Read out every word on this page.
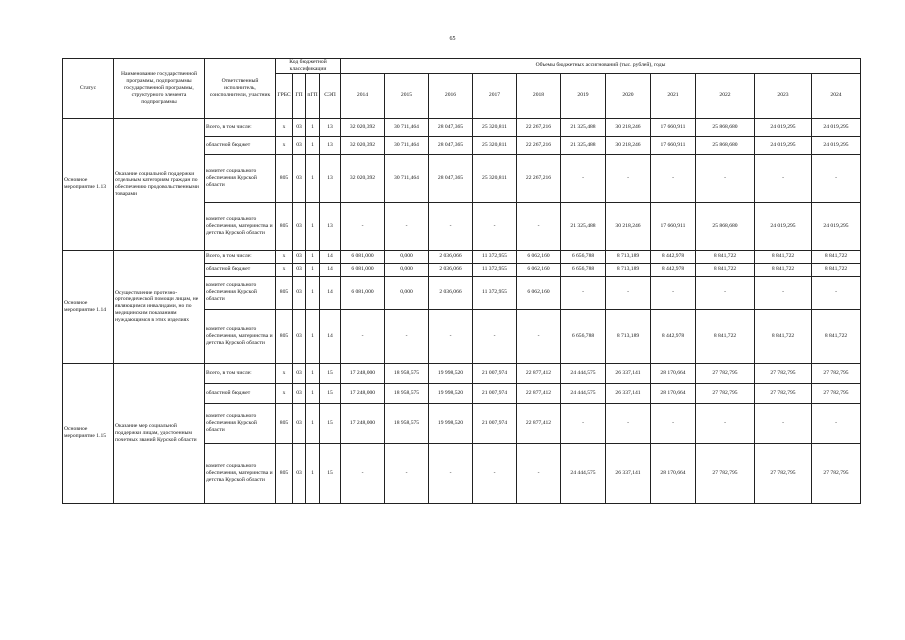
65
Статус	Наименование государственной программы, подпрограммы государственной программы, структурного элемента подпрограммы	Ответственный исполнитель, соисполнители, участник	Код бюджетной классификации				Объемы бюджетных ассигнований (тыс. рублей), годы										
			ГРБС	ГП	пГП	СЭП	2014	2015	2016	2017	2018	2019	2020	2021	2022	2023	2024
Основное мероприятие 1.13	Оказание социальной поддержки отдельным категориям граждан по обеспечению продовольственными товарами	Всего, в том числе:	х	03	1	13	32 020,392	30 711,464	28 047,365	25 320,811	22 267,216	21 325,488	30 218,246	17 660,911	25 868,680	24 019,295	24 019,295
		областной бюджет	х	03	1	13	32 020,392	30 711,464	28 047,365	25 320,811	22 267,216	21 325,488	30 218,246	17 660,911	25 868,680	24 019,295	24 019,295
		комитет социального обеспечения Курской области	805	03	1	13	32 020,392	30 711,464	28 047,365	25 320,811	22 267,216	-	-	-	-	-	-
		комитет социального обеспечения, материнства и детства Курской области	805	03	1	13	-	-	-	-	-	21 325,488	30 218,246	17 660,911	25 868,680	24 019,295	24 019,295
Основное мероприятие 1.14	Осуществление протезно-ортопедической помощи лицам, не являющимся инвалидами, но по медицинским показаниям нуждающимся в этих изделиях	Всего, в том числе:	х	03	1	14	6 081,000	0,000	2 036,066	11 372,955	6 062,160	6 656,788	8 713,189	8 442,978	8 841,722	8 841,722	8 841,722
		областной бюджет	х	03	1	14	6 081,000	0,000	2 036,066	11 372,955	6 062,160	6 656,788	8 713,189	8 442,978	8 841,722	8 841,722	8 841,722
		комитет социального обеспечения Курской области	805	03	1	14	6 081,000	0,000	2 036,066	11 372,955	6 062,160	-	-	-	-	-	-
		комитет социального обеспечения, материнства и детства Курской области	805	03	1	14	-	-	-	-	-	6 656,788	8 713,189	8 442,978	8 841,722	8 841,722	8 841,722
Основное мероприятие 1.15	Оказание мер социальной поддержки лицам, удостоенным почетных званий Курской области	Всего, в том числе:	х	03	1	15	17 248,000	18 958,575	19 998,520	21 007,974	22 877,412	24 444,575	26 337,141	28 170,664	27 782,795	27 782,795	27 782,795
		областной бюджет	х	03	1	15	17 248,000	18 958,575	19 998,520	21 007,974	22 877,412	24 444,575	26 337,141	28 170,664	27 782,795	27 782,795	27 782,795
		комитет социального обеспечения Курской области	805	03	1	15	17 248,000	18 958,575	19 998,520	21 007,974	22 877,412	-	-	-	-	-	-
		комитет социального обеспечения, материнства и детства Курской области	805	03	1	15	-	-	-	-	-	24 444,575	26 337,141	28 170,664	27 782,795	27 782,795	27 782,795
